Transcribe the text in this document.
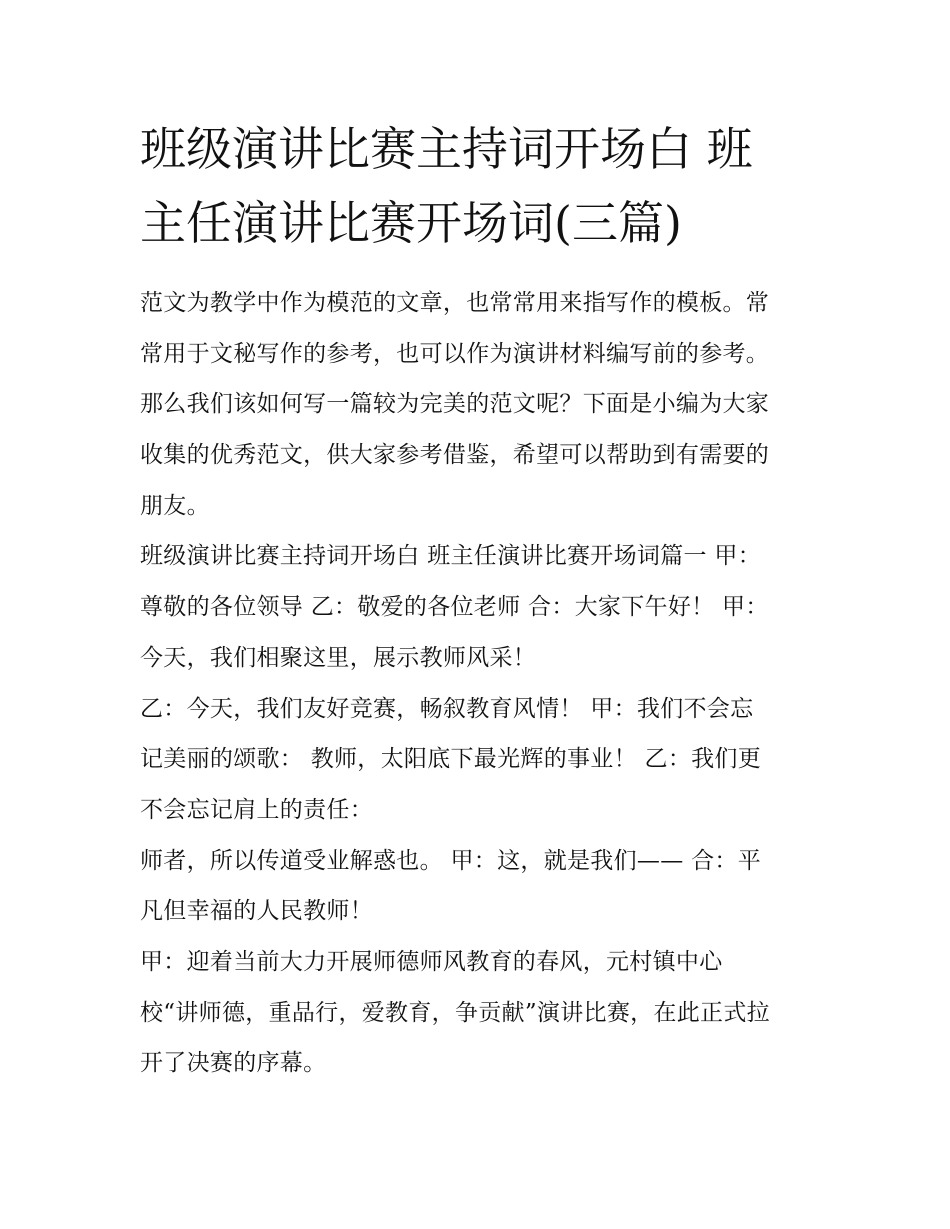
班级演讲比赛主持词开场白 班
主任演讲比赛开场词(三篇)
范文为教学中作为模范的文章，也常常用来指写作的模板。常
常用于文秘写作的参考，也可以作为演讲材料编写前的参考。
那么我们该如何写一篇较为完美的范文呢？下面是小编为大家
收集的优秀范文，供大家参考借鉴，希望可以帮助到有需要的
朋友。
班级演讲比赛主持词开场白 班主任演讲比赛开场词篇一 甲：
尊敬的各位领导 乙：敬爱的各位老师 合：大家下午好！ 甲：
今天，我们相聚这里，展示教师风采！
乙：今天，我们友好竞赛，畅叙教育风情！ 甲：我们不会忘
记美丽的颂歌： 教师，太阳底下最光辉的事业！ 乙：我们更
不会忘记肩上的责任：
师者，所以传道受业解惑也。 甲：这，就是我们—— 合：平
凡但幸福的人民教师！
甲：迎着当前大力开展师德师风教育的春风，元村镇中心
校“讲师德，重品行，爱教育，争贡献”演讲比赛，在此正式拉
开了决赛的序幕。
